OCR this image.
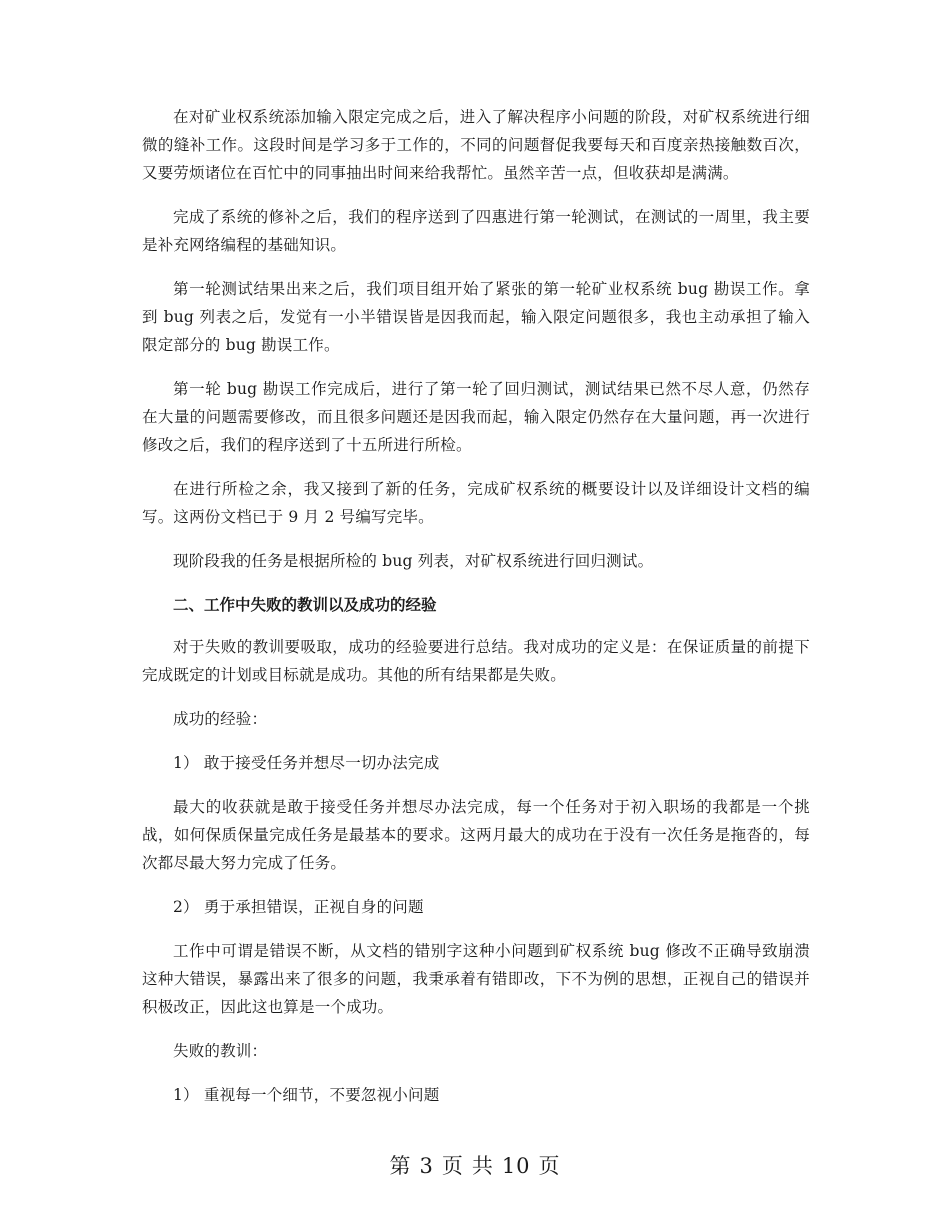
在对矿业权系统添加输入限定完成之后，进入了解决程序小问题的阶段，对矿权系统进行细微的缝补工作。这段时间是学习多于工作的，不同的问题督促我要每天和百度亲热接触数百次，又要劳烦诸位在百忙中的同事抽出时间来给我帮忙。虽然辛苦一点，但收获却是满满。

完成了系统的修补之后，我们的程序送到了四惠进行第一轮测试，在测试的一周里，我主要是补充网络编程的基础知识。

第一轮测试结果出来之后，我们项目组开始了紧张的第一轮矿业权系统 bug 勘误工作。拿到 bug 列表之后，发觉有一小半错误皆是因我而起，输入限定问题很多，我也主动承担了输入限定部分的 bug 勘误工作。

第一轮 bug 勘误工作完成后，进行了第一轮了回归测试，测试结果已然不尽人意，仍然存在大量的问题需要修改，而且很多问题还是因我而起，输入限定仍然存在大量问题，再一次进行修改之后，我们的程序送到了十五所进行所检。

在进行所检之余，我又接到了新的任务，完成矿权系统的概要设计以及详细设计文档的编写。这两份文档已于 9 月 2 号编写完毕。

现阶段我的任务是根据所检的 bug 列表，对矿权系统进行回归测试。

二、工作中失败的教训以及成功的经验

对于失败的教训要吸取，成功的经验要进行总结。我对成功的定义是：在保证质量的前提下完成既定的计划或目标就是成功。其他的所有结果都是失败。

成功的经验：

1） 敢于接受任务并想尽一切办法完成

最大的收获就是敢于接受任务并想尽办法完成，每一个任务对于初入职场的我都是一个挑战，如何保质保量完成任务是最基本的要求。这两月最大的成功在于没有一次任务是拖沓的，每次都尽最大努力完成了任务。

2） 勇于承担错误，正视自身的问题

工作中可谓是错误不断，从文档的错别字这种小问题到矿权系统 bug 修改不正确导致崩溃这种大错误，暴露出来了很多的问题，我秉承着有错即改，下不为例的思想，正视自己的错误并积极改正，因此这也算是一个成功。

失败的教训：

1） 重视每一个细节，不要忽视小问题

第 3 页 共 10 页
